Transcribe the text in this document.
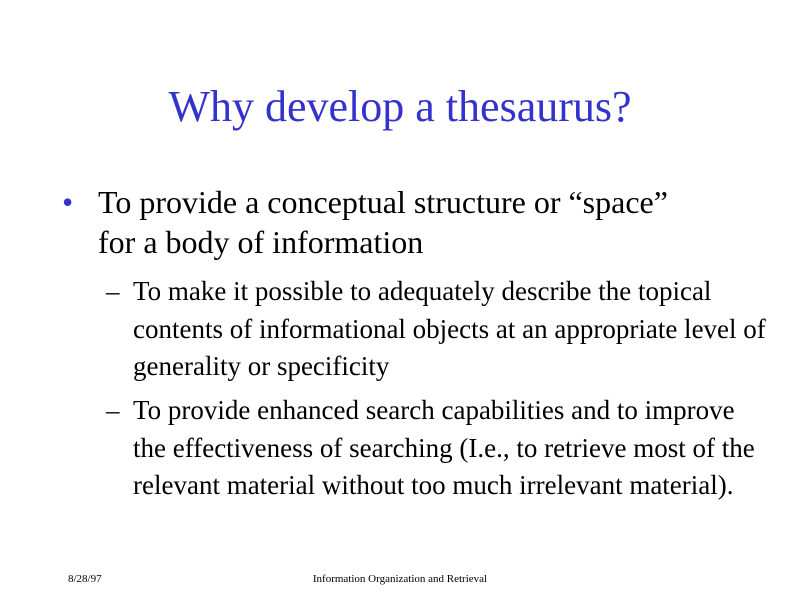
Why develop a thesaurus?
• To provide a conceptual structure or “space” for a body of information
– To make it possible to adequately describe the topical contents of informational objects at an appropriate level of generality or specificity
– To provide enhanced search capabilities and to improve the effectiveness of searching (I.e., to retrieve most of the relevant material without too much irrelevant material).
8/28/97	Information Organization and Retrieval
